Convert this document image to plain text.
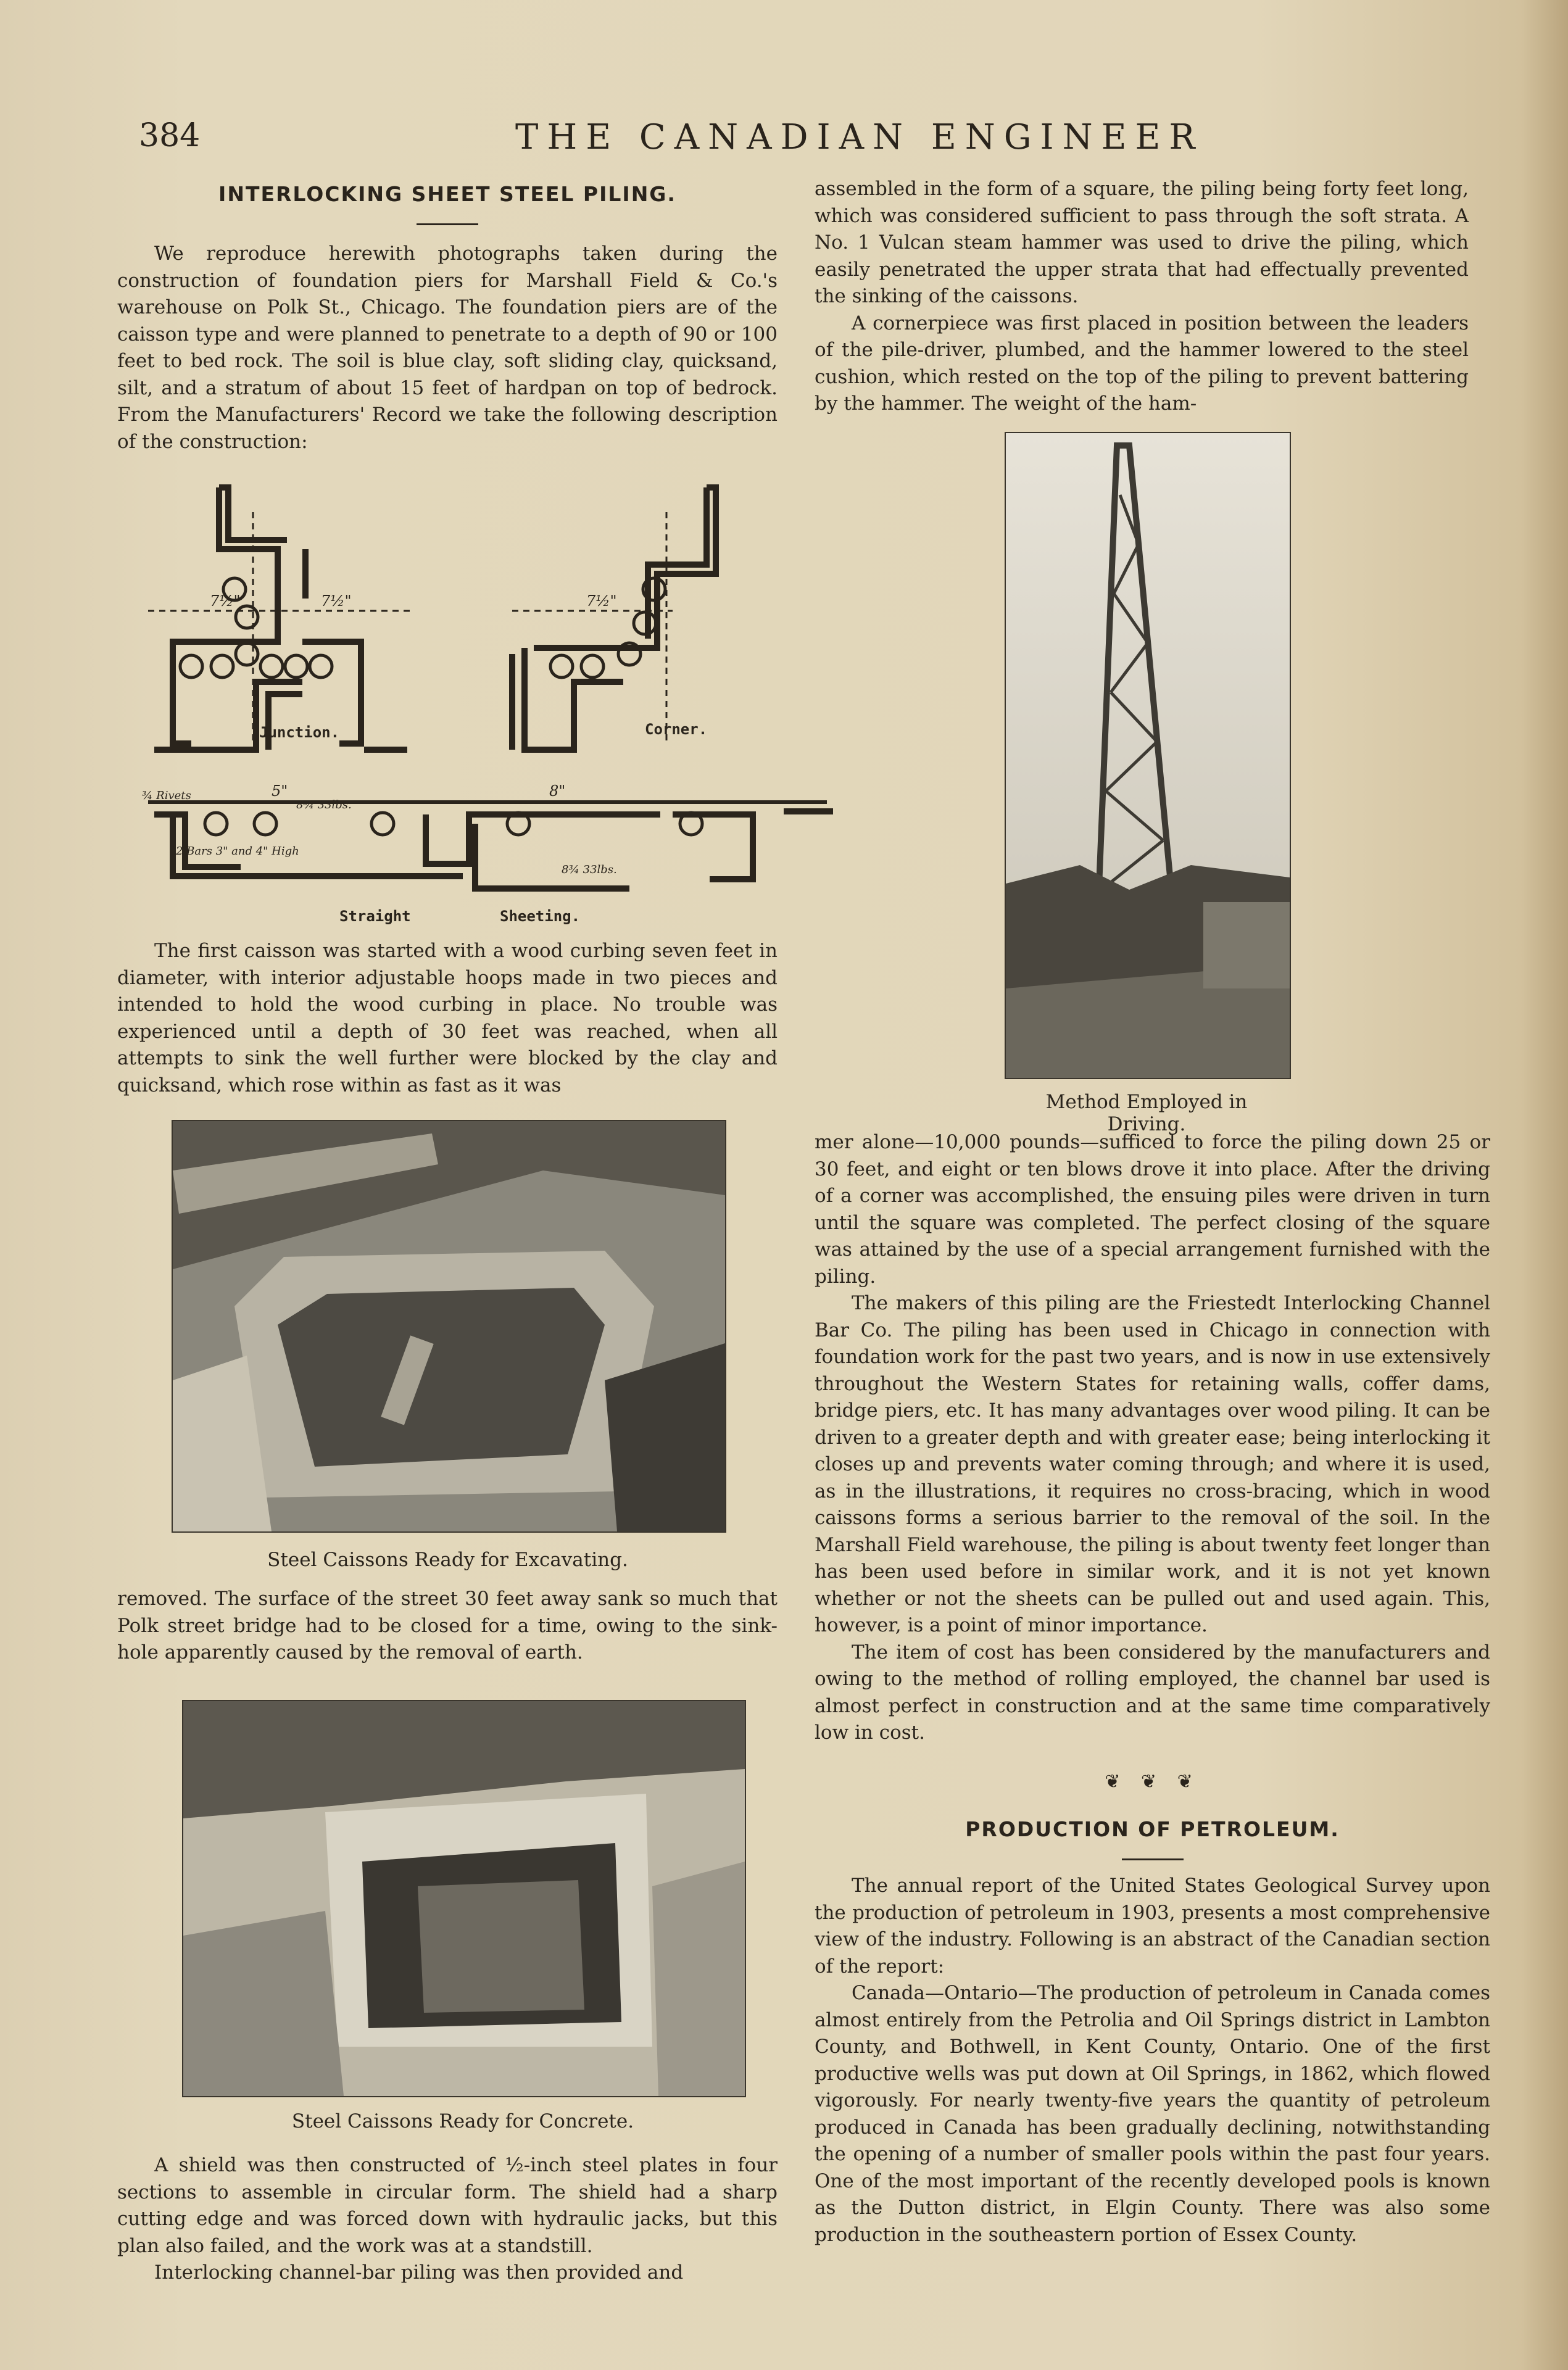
384	THE CANADIAN ENGINEER
INTERLOCKING SHEET STEEL PILING.

We reproduce herewith photographs taken during the construction of foundation piers for Marshall Field & Co.'s warehouse on Polk St., Chicago. The foundation piers are of the caisson type and were planned to penetrate to a depth of 90 or 100 feet to bed rock. The soil is blue clay, soft sliding clay, quicksand, silt, and a stratum of about 15 feet of hardpan on top of bedrock. From the Manufacturers' Record we take the following description of the construction:

7½"	7½"	7½"
5"	8"
¾ Rivets
8¾ 33lbs.
8¾ 33lbs.
2 Bars 3" and 4" High
Junction.	Corner.
Straight	Sheeting.

The first caisson was started with a wood curbing seven feet in diameter, with interior adjustable hoops made in two pieces and intended to hold the wood curbing in place. No trouble was experienced until a depth of 30 feet was reached, when all attempts to sink the well further were blocked by the clay and quicksand, which rose within as fast as it was

Steel Caissons Ready for Excavating.

removed. The surface of the street 30 feet away sank so much that Polk street bridge had to be closed for a time, owing to the sink-hole apparently caused by the removal of earth.

Steel Caissons Ready for Concrete.

A shield was then constructed of ½-inch steel plates in four sections to assemble in circular form. The shield had a sharp cutting edge and was forced down with hydraulic jacks, but this plan also failed, and the work was at a standstill.

Interlocking channel-bar piling was then provided and

assembled in the form of a square, the piling being forty feet long, which was considered sufficient to pass through the soft strata. A No. 1 Vulcan steam hammer was used to drive the piling, which easily penetrated the upper strata that had effectually prevented the sinking of the caissons.

A cornerpiece was first placed in position between the leaders of the pile-driver, plumbed, and the hammer lowered to the steel cushion, which rested on the top of the piling to prevent battering by the hammer. The weight of the ham-

Method Employed in Driving.

mer alone—10,000 pounds—sufficed to force the piling down 25 or 30 feet, and eight or ten blows drove it into place. After the driving of a corner was accomplished, the ensuing piles were driven in turn until the square was completed. The perfect closing of the square was attained by the use of a special arrangement furnished with the piling.

The makers of this piling are the Friestedt Interlocking Channel Bar Co. The piling has been used in Chicago in connection with foundation work for the past two years, and is now in use extensively throughout the Western States for retaining walls, coffer dams, bridge piers, etc. It has many advantages over wood piling. It can be driven to a greater depth and with greater ease; being interlocking it closes up and prevents water coming through; and where it is used, as in the illustrations, it requires no cross-bracing, which in wood caissons forms a serious barrier to the removal of the soil. In the Marshall Field warehouse, the piling is about twenty feet longer than has been used before in similar work, and it is not yet known whether or not the sheets can be pulled out and used again. This, however, is a point of minor importance.

The item of cost has been considered by the manufacturers and owing to the method of rolling employed, the channel bar used is almost perfect in construction and at the same time comparatively low in cost.

❦ ❦ ❦
PRODUCTION OF PETROLEUM.

The annual report of the United States Geological Survey upon the production of petroleum in 1903, presents a most comprehensive view of the industry. Following is an abstract of the Canadian section of the report:

Canada—Ontario—The production of petroleum in Canada comes almost entirely from the Petrolia and Oil Springs district in Lambton County, and Bothwell, in Kent County, Ontario. One of the first productive wells was put down at Oil Springs, in 1862, which flowed vigorously. For nearly twenty-five years the quantity of petroleum produced in Canada has been gradually declining, notwithstanding the opening of a number of smaller pools within the past four years. One of the most important of the recently developed pools is known as the Dutton district, in Elgin County. There was also some production in the southeastern portion of Essex County.
